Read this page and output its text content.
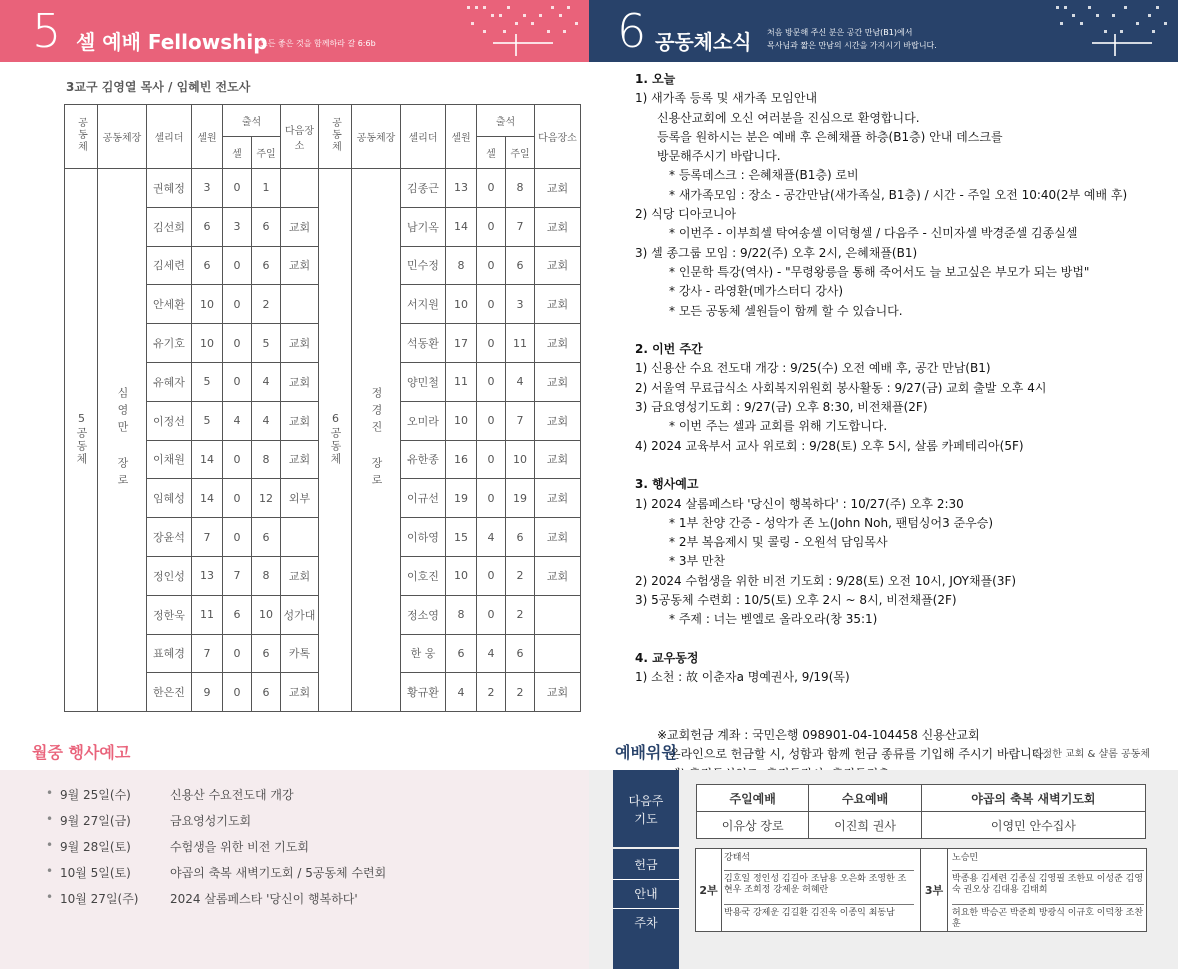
5 셀 예배 Fellowship
모든 좋은 것을 함께하라 갈 6:6b
3교구 김영열 목사 / 임혜빈 전도사
공동체	공동체장	셀리더	셀원	출석		다음장소	공동체	공동체장	셀리더	셀원	출석		다음장소
				셀	주일						셀	주일	
5공동체	심영만 장로	권혜정	3	0	1		6공동체	정경진 장로	김종근	13	0	8	교회
		김선희	6	3	6	교회			남기옥	14	0	7	교회
		김세련	6	0	6	교회			민수정	8	0	6	교회
		안세환	10	0	2				서지원	10	0	3	교회
		유기호	10	0	5	교회			석동환	17	0	11	교회
		유혜자	5	0	4	교회			양민철	11	0	4	교회
		이정선	5	4	4	교회			오미라	10	0	7	교회
		이채원	14	0	8	교회			유한종	16	0	10	교회
		임혜성	14	0	12	외부			이규선	19	0	19	교회
		장윤석	7	0	6				이하영	15	4	6	교회
		정인성	13	7	8	교회			이호진	10	0	2	교회
		정한욱	11	6	10	성가대			정소영	8	0	2	
		표혜경	7	0	6	카톡			한 웅	6	4	6	
		한은진	9	0	6	교회			황규환	4	2	2	교회
월중 행사예고
• 9월 25일(수)	신용산 수요전도대 개강
• 9월 27일(금)	금요영성기도회
• 9월 28일(토)	수험생을 위한 비전 기도회
• 10월 5일(토)	야곱의 축복 새벽기도회 / 5공동체 수련회
• 10월 27일(주)	2024 살롬페스타 '당신이 행복하다'
6 공동체소식 처음 방문해 주신 분은 공간 만남(B1)에서
목사님과 짧은 만남의 시간을 가지시기 바랍니다.
1. 오늘
1) 새가족 등록 및 새가족 모임안내
신용산교회에 오신 여러분을 진심으로 환영합니다.
등록을 원하시는 분은 예배 후 은혜채플 하층(B1층) 안내 데스크를
방문해주시기 바랍니다.
* 등록데스크 : 은혜채플(B1층) 로비
* 새가족모임 : 장소 - 공간만남(새가족실, B1층) / 시간 - 주일 오전 10:40(2부 예배 후)
2) 식당 디아코니아
* 이번주 - 이부희셀 탁여송셀 이덕형셀 / 다음주 - 신미자셀 박경준셀 김종실셀
3) 셀 종그룹 모임 : 9/22(주) 오후 2시, 은혜채플(B1)
* 인문학 특강(역사) - "무령왕릉을 통해 죽어서도 늘 보고싶은 부모가 되는 방법"
* 강사 - 라영환(메가스터디 강사)
* 모든 공동체 셀원들이 함께 할 수 있습니다.
2. 이번 주간
1) 신용산 수요 전도대 개강 : 9/25(수) 오전 예배 후, 공간 만남(B1)
2) 서울역 무료급식소 사회복지위원회 봉사활동 : 9/27(금) 교회 출발 오후 4시
3) 금요영성기도회 : 9/27(금) 오후 8:30, 비전채플(2F)
* 이번 주는 셀과 교회를 위해 기도합니다.
4) 2024 교육부서 교사 위로회 : 9/28(토) 오후 5시, 살롬 카페테리아(5F)
3. 행사예고
1) 2024 살롬페스타 '당신이 행복하다' : 10/27(주) 오후 2:30
* 1부 찬양 간증 - 성악가 존 노(John Noh, 팬텀싱어3 준우승)
* 2부 복음제시 및 콜링 - 오원석 담임목사
* 3부 만찬
2) 2024 수험생을 위한 비전 기도회 : 9/28(토) 오전 10시, JOY채플(3F)
3) 5공동체 수련회 : 10/5(토) 오후 2시 ~ 8시, 비전채플(2F)
* 주제 : 너는 벧엘로 올라오라(창 35:1)
4. 교우동정
1) 소천 : 故 이춘자a 명예권사, 9/19(목)
※교회헌금 계좌 : 국민은행 098901-04-104458 신용산교회
온라인으로 헌금할 시, 성함과 함께 헌금 종류를 기입해 주시기 바랍니다.
예배위원	진정한 교회 & 샬롬 공동체
다음주
기도
헌금
안내
주차
주일예배	수요예배	야곱의 축복 새벽기도회
이유상 장로	이진희 권사	이영민 안수집사
2부
강태석
김호일 정인성 김길아 조남용 오은화 조영한 조현우 조희정 강제운 허혜란
박용국 강제운 김길환 김진욱 이종익 최동남
3부
노승민
박종용 김세련 김종실 김영필 조한묘 이성준 김영숙 권오상 김대용 김태희
허요한 박승곤 박준희 방광식 이규호 이덕창 조찬훈
